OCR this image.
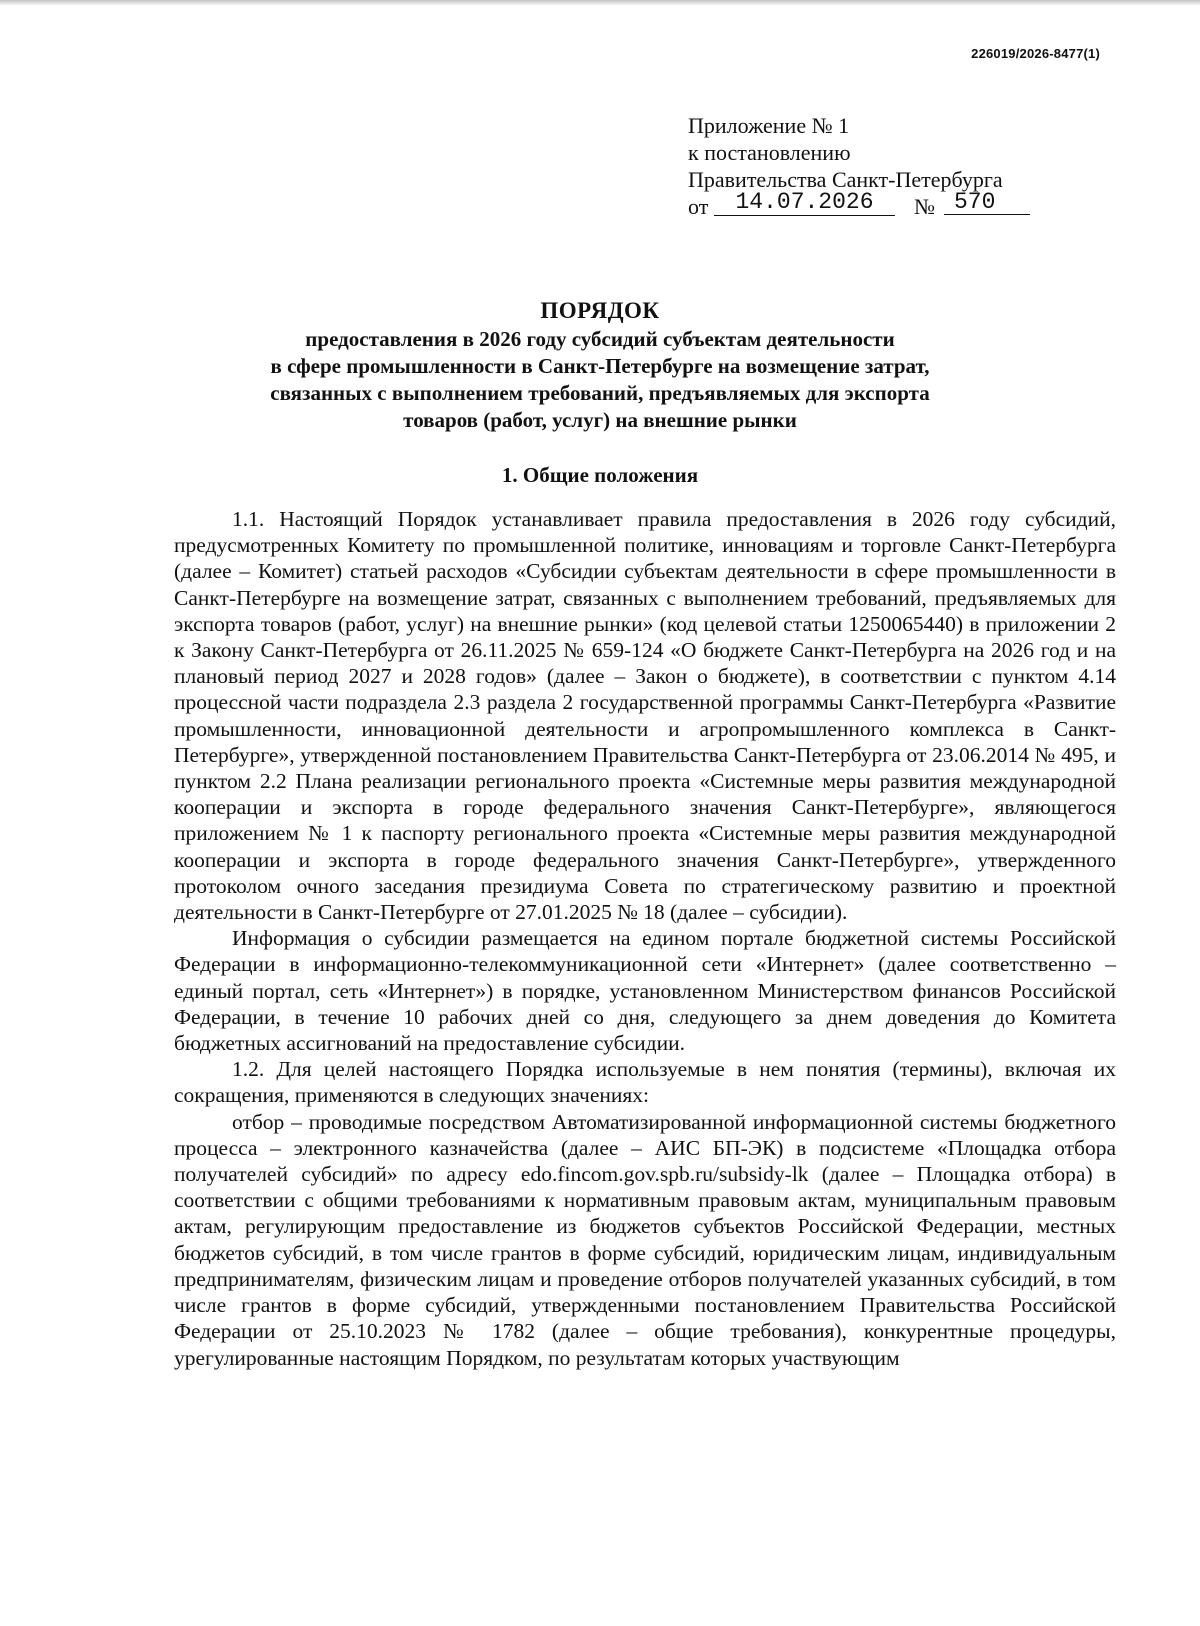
226019/2026-8477(1)
Приложение № 1
к постановлению
Правительства Санкт-Петербурга
от	14.07.2026	№ 570
ПОРЯДОК
предоставления в 2026 году субсидий субъектам деятельности
в сфере промышленности в Санкт-Петербурге на возмещение затрат,
связанных с выполнением требований, предъявляемых для экспорта
товаров (работ, услуг) на внешние рынки
1. Общие положения

1.1. Настоящий Порядок устанавливает правила предоставления в 2026 году субсидий, предусмотренных Комитету по промышленной политике, инновациям и торговле Санкт-Петербурга (далее – Комитет) статьей расходов «Субсидии субъектам деятельности в сфере промышленности в Санкт-Петербурге на возмещение затрат, связанных с выполнением требований, предъявляемых для экспорта товаров (работ, услуг) на внешние рынки» (код целевой статьи 1250065440) в приложении 2 к Закону Санкт-Петербурга от 26.11.2025 № 659-124 «О бюджете Санкт-Петербурга на 2026 год и на плановый период 2027 и 2028 годов» (далее – Закон о бюджете), в соответствии с пунктом 4.14 процессной части подраздела 2.3 раздела 2 государственной программы Санкт-Петербурга «Развитие промышленности, инновационной деятельности и агропромышленного комплекса в Санкт-Петербурге», утвержденной постановлением Правительства Санкт-Петербурга от 23.06.2014 № 495, и пунктом 2.2 Плана реализации регионального проекта «Системные меры развития международной кооперации и экспорта в городе федерального значения Санкт-Петербурге», являющегося приложением № 1 к паспорту регионального проекта «Системные меры развития международной кооперации и экспорта в городе федерального значения Санкт-Петербурге», утвержденного протоколом очного заседания президиума Совета по стратегическому развитию и проектной деятельности в Санкт-Петербурге от 27.01.2025 № 18 (далее – субсидии).

Информация о субсидии размещается на едином портале бюджетной системы Российской Федерации в информационно-телекоммуникационной сети «Интернет» (далее соответственно – единый портал, сеть «Интернет») в порядке, установленном Министерством финансов Российской Федерации, в течение 10 рабочих дней со дня, следующего за днем доведения до Комитета бюджетных ассигнований на предоставление субсидии.

1.2. Для целей настоящего Порядка используемые в нем понятия (термины), включая их сокращения, применяются в следующих значениях:

отбор – проводимые посредством Автоматизированной информационной системы бюджетного процесса – электронного казначейства (далее – АИС БП-ЭК) в подсистеме «Площадка отбора получателей субсидий» по адресу edo.fincom.gov.spb.ru/subsidy-lk (далее – Площадка отбора) в соответствии с общими требованиями к нормативным правовым актам, муниципальным правовым актам, регулирующим предоставление из бюджетов субъектов Российской Федерации, местных бюджетов субсидий, в том числе грантов в форме субсидий, юридическим лицам, индивидуальным предпринимателям, физическим лицам и проведение отборов получателей указанных субсидий, в том числе грантов в форме субсидий, утвержденными постановлением Правительства Российской Федерации от 25.10.2023 № 1782 (далее – общие требования), конкурентные процедуры, урегулированные настоящим Порядком, по результатам которых участвующим
